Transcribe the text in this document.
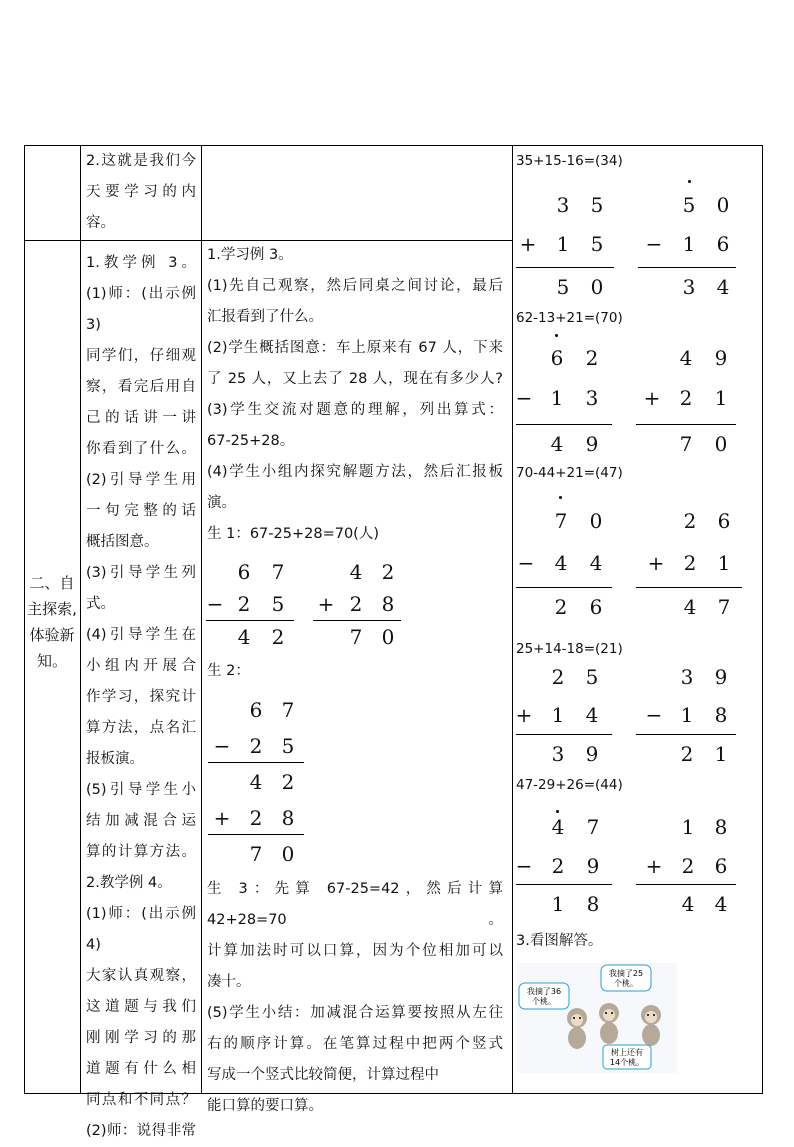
2.这就是我们今

天要学习的内

容。

二、自主探索,体验新知。

1.教学例 3。

(1)师：(出示例3)

同学们，仔细观

察，看完后用自

己的话讲一讲

你看到了什么。

(2)引导学生用

一句完整的话

概括图意。

(3)引导学生列

式。

(4)引导学生在

小组内开展合

作学习，探究计

算方法，点名汇

报板演。

(5)引导学生小

结加减混合运

算的计算方法。

2.教学例 4。

(1)师：(出示例4)

大家认真观察，

这道题与我们

刚刚学习的那

道题有什么相

同点和不同点？

(2)师：说得非常

1.学习例 3。

(1)先自己观察，然后同桌之间讨论，最后

汇报看到了什么。

(2)学生概括图意：车上原来有 67 人，下来

了 25 人，又上去了 28 人，现在有多少人?

(3)学生交流对题意的理解，列出算式：

67-25+28。

(4)学生小组内探究解题方法，然后汇报板

演。

生 1：67-25+28=70(人)

6 7
− 2 5
4 2
4 2
+ 2 8
7 0
生 2：
6 7
− 2 5
4 2
+ 2 8
7 0

生 3：先算 67-25=42，然后计算 42+28=70。

计算加法时可以口算，因为个位相加可以

凑十。

(5)学生小结：加减混合运算要按照从左往

右的顺序计算。在笔算过程中把两个竖式

写成一个竖式比较简便，计算过程中

能口算的要口算。

35+15-16=(34)
3 5
+ 1 5
5 0
5 0
− 1 6
3 4
62-13+21=(70)
6 2
− 1 3
4 9
4 9
+ 2 1
7 0
70-44+21=(47)
7 0
− 4 4
2 6
2 6
+ 2 1
4 7
25+14-18=(21)
2 5
+ 1 4
3 9
3 9
− 1 8
2 1
47-29+26=(44)
4 7
− 2 9
1 8
1 8
+ 2 6
4 4
3.看图解答。
我摘了36
个桃。
我摘了25
个桃。
树上还有
14个桃。
